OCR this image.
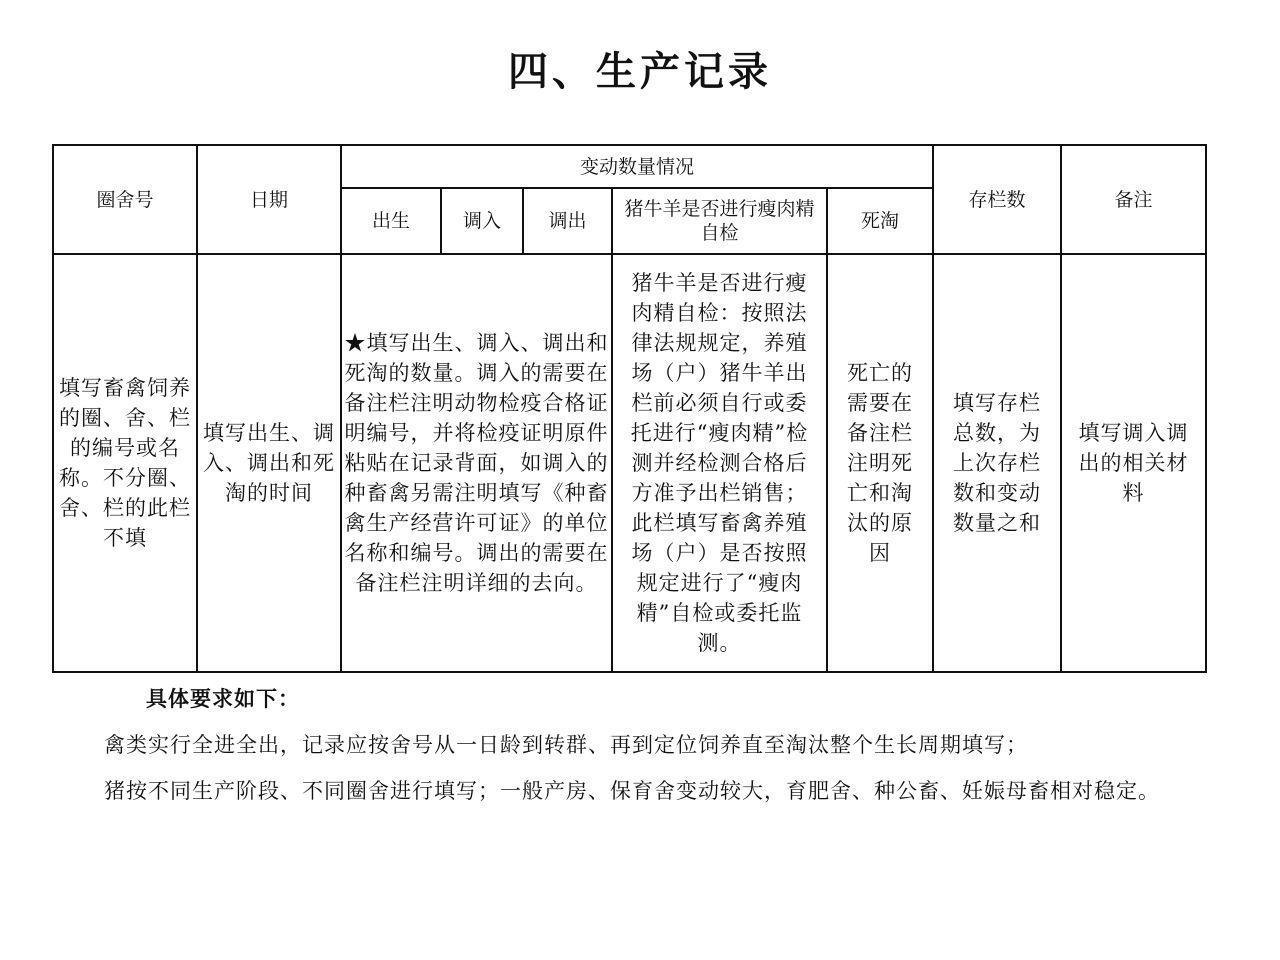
四、生产记录
圈舍号	日期	变动数量情况					存栏数	备注
		出生	调入	调出	猪牛羊是否进行瘦肉精自检	死淘		

填写畜禽饲养的圈、舍、栏的编号或名称。不分圈、舍、栏的此栏不填	填写出生、调入、调出和死淘的时间	★填写出生、调入、调出和死淘的数量。调入的需要在备注栏注明动物检疫合格证明编号，并将检疫证明原件粘贴在记录背面，如调入的种畜禽另需注明填写《种畜禽生产经营许可证》的单位名称和编号。调出的需要在备注栏注明详细的去向。			猪牛羊是否进行瘦肉精自检：按照法律法规规定，养殖场（户）猪牛羊出栏前必须自行或委托进行“瘦肉精”检测并经检测合格后方准予出栏销售；此栏填写畜禽养殖场（户）是否按照规定进行了“瘦肉精”自检或委托监测。	死亡的需要在备注栏注明死亡和淘汰的原因	填写存栏总数，为上次存栏数和变动数量之和	填写调入调出的相关材料

具体要求如下：

禽类实行全进全出，记录应按舍号从一日龄到转群、再到定位饲养直至淘汰整个生长周期填写；

猪按不同生产阶段、不同圈舍进行填写；一般产房、保育舍变动较大，育肥舍、种公畜、妊娠母畜相对稳定。
